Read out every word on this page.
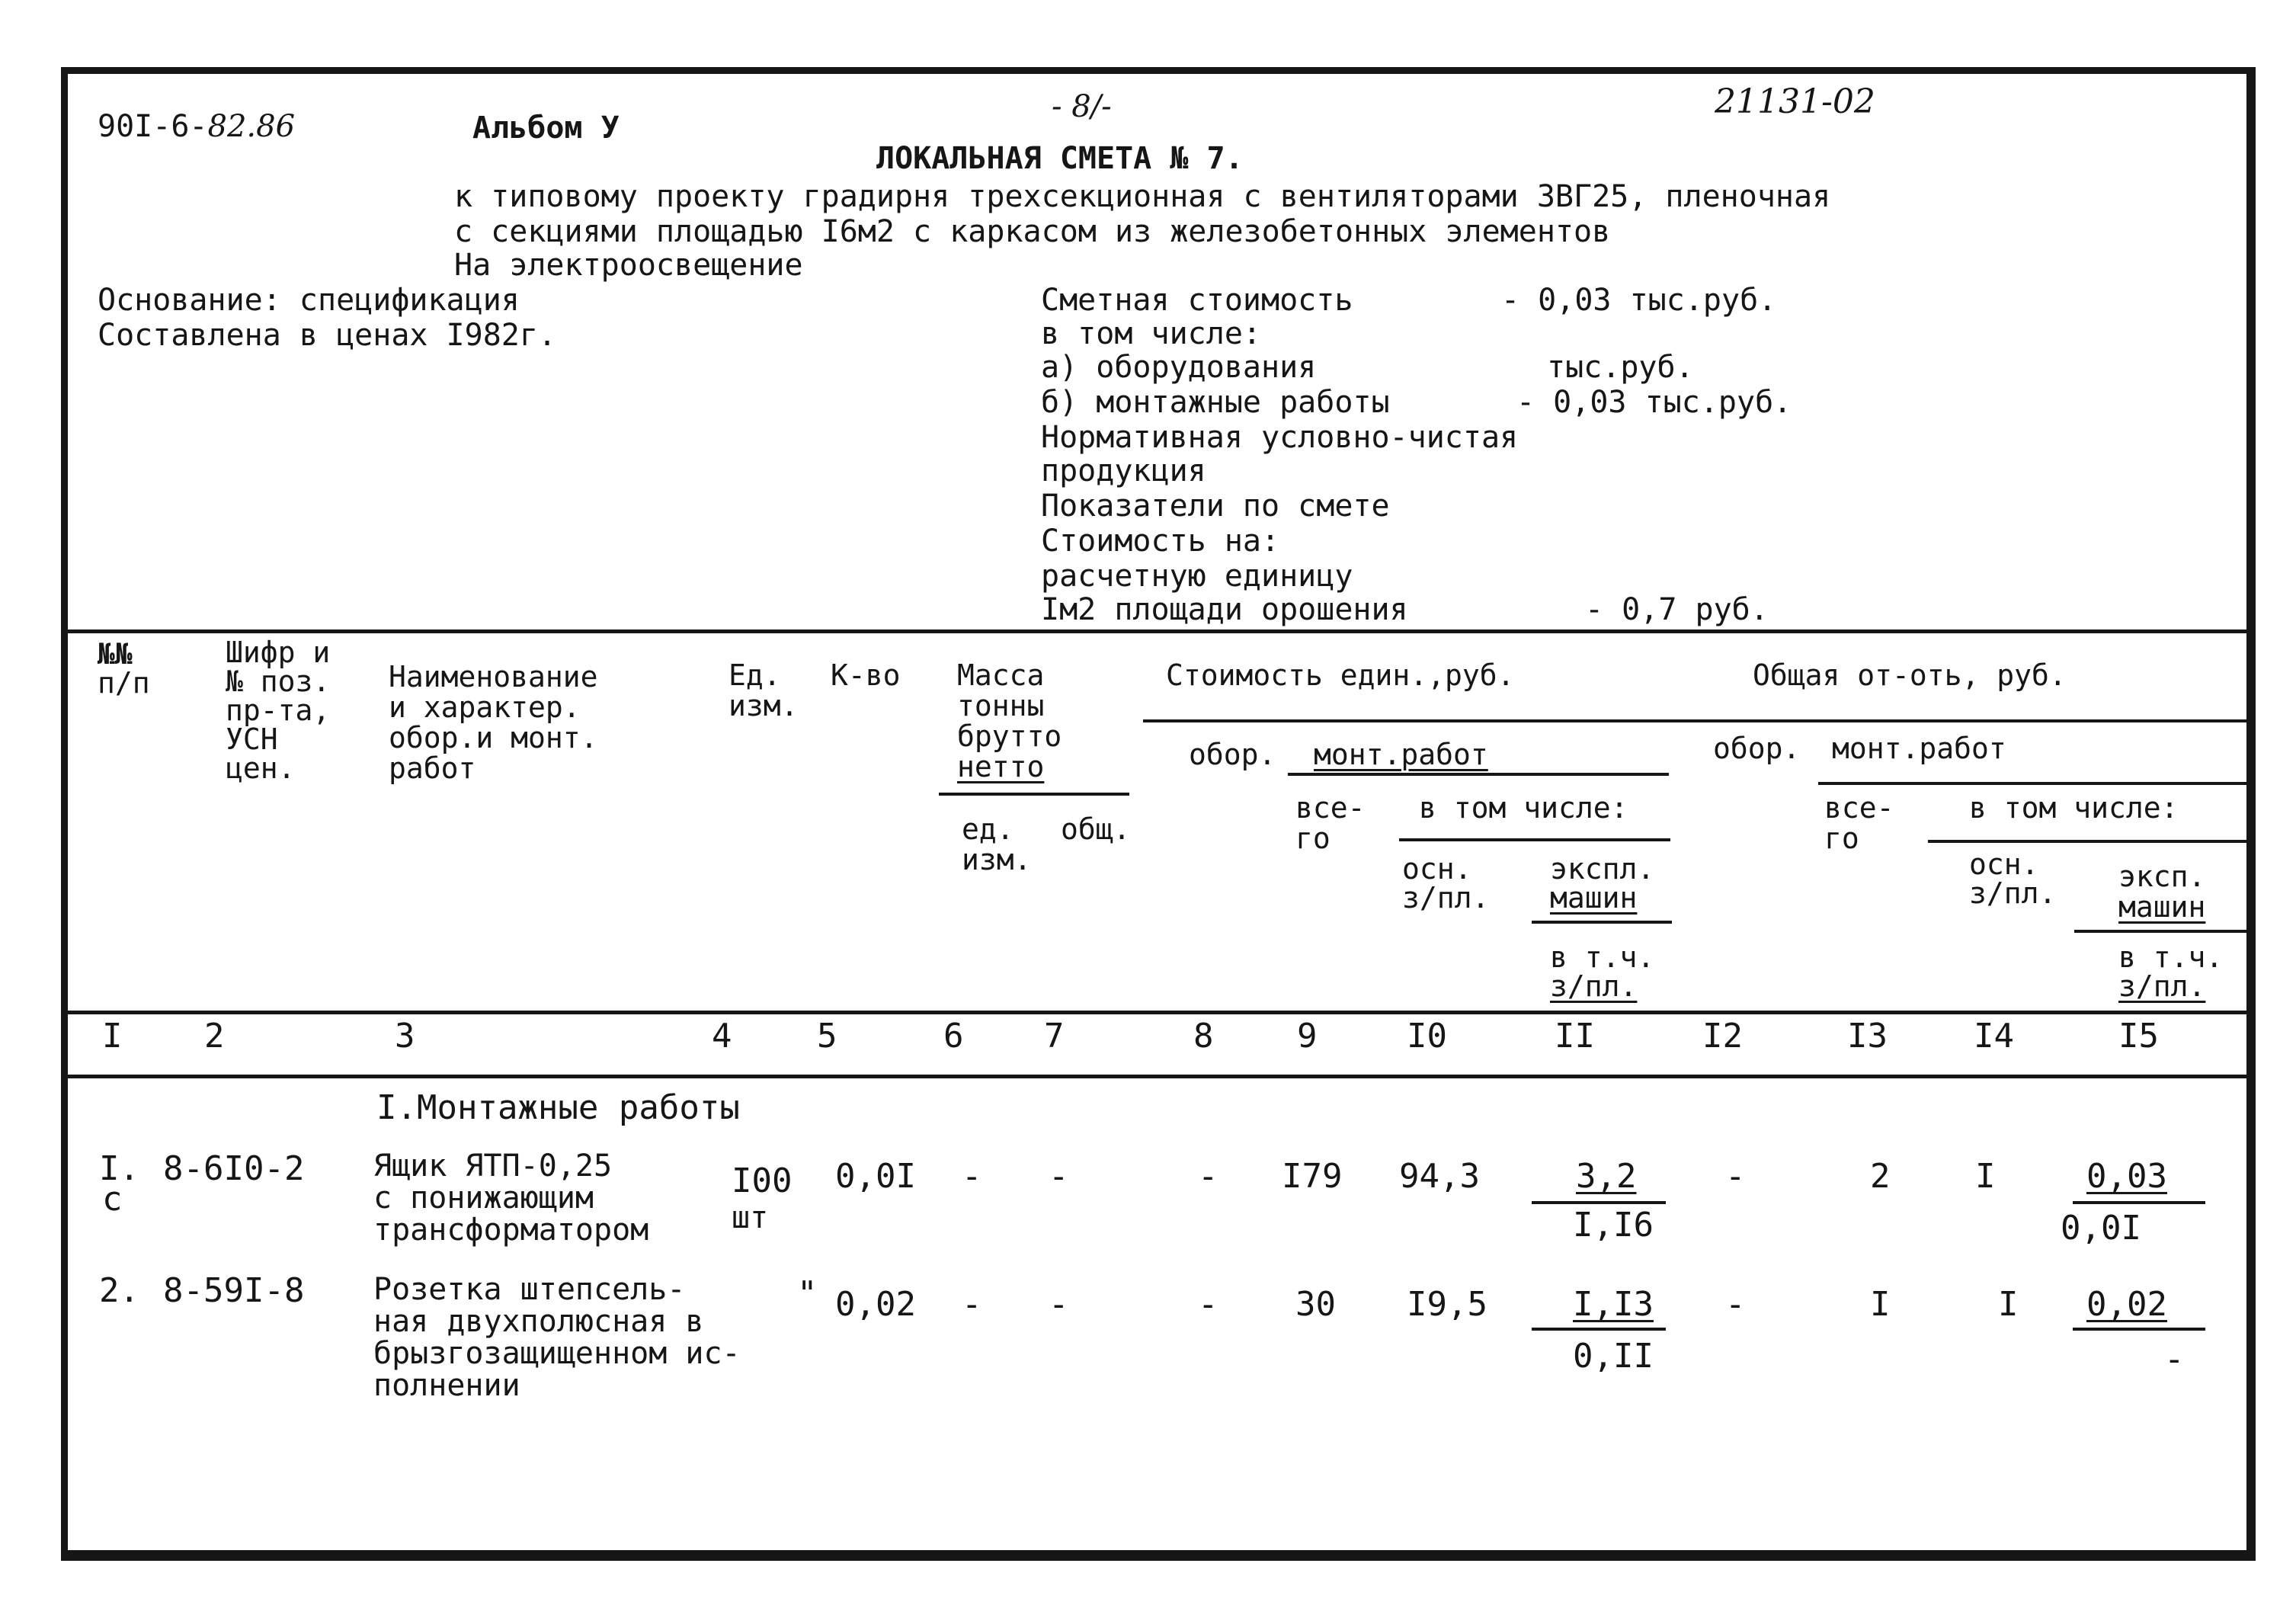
90I-6-82.86	Альбом У
- 8/-	21131-02
ЛОКАЛЬНАЯ СМЕТА № 7.
к типовому проекту градирня трехсекционная с вентиляторами 3ВГ25, пленочная
с секциями площадью I6м2 с каркасом из железобетонных элементов
На электроосвещение
Основание: спецификация
Составлена в ценах I982г.
Сметная стоимость	- 0,03 тыс.руб.
в том числе:
а) оборудования	тыс.руб.
б) монтажные работы	- 0,03 тыс.руб.
Нормативная условно-чистая
продукция
Показатели по смете
Стоимость на:
расчетную единицу
Iм2 площади орошения	- 0,7 руб.
№№
п/п
Шифр и
№ поз.
пр-та,
УСН
цен.
Наименование
и характер.
обор.и монт.
работ
Ед.
изм.
К-во Масса
тонны
брутто
нетто
ед.
изм.
общ.
Стоимость един.,руб.	Общая от-оть, руб.
обор. монт.работ	обор. монт.работ
все-
го
в том числе:
осн.
з/пл.
экспл.
машин
в т.ч.
з/пл.
все-
го
в том числе:
осн.
з/пл. эксп.
машин
в т.ч.
з/пл.
I 2	3	4	5	6 7	8 9	I0	II	I2	I3	I4	I5
I.Монтажные работы
I.
с
8-6I0-2 Ящик ЯТП-0,25
с понижающим
трансформатором
I00
шт
0,0I - -	- I79 94,3	3,2
I,I6
-	2	I	0,03
0,0I
2. 8-59I-8 Розетка штепсель-
ная двухполюсная в
брызгозащищенном ис-
полнении
" 0,02 - -	- 30 I9,5	I,I3
0,II
-	I	I 0,02
-
